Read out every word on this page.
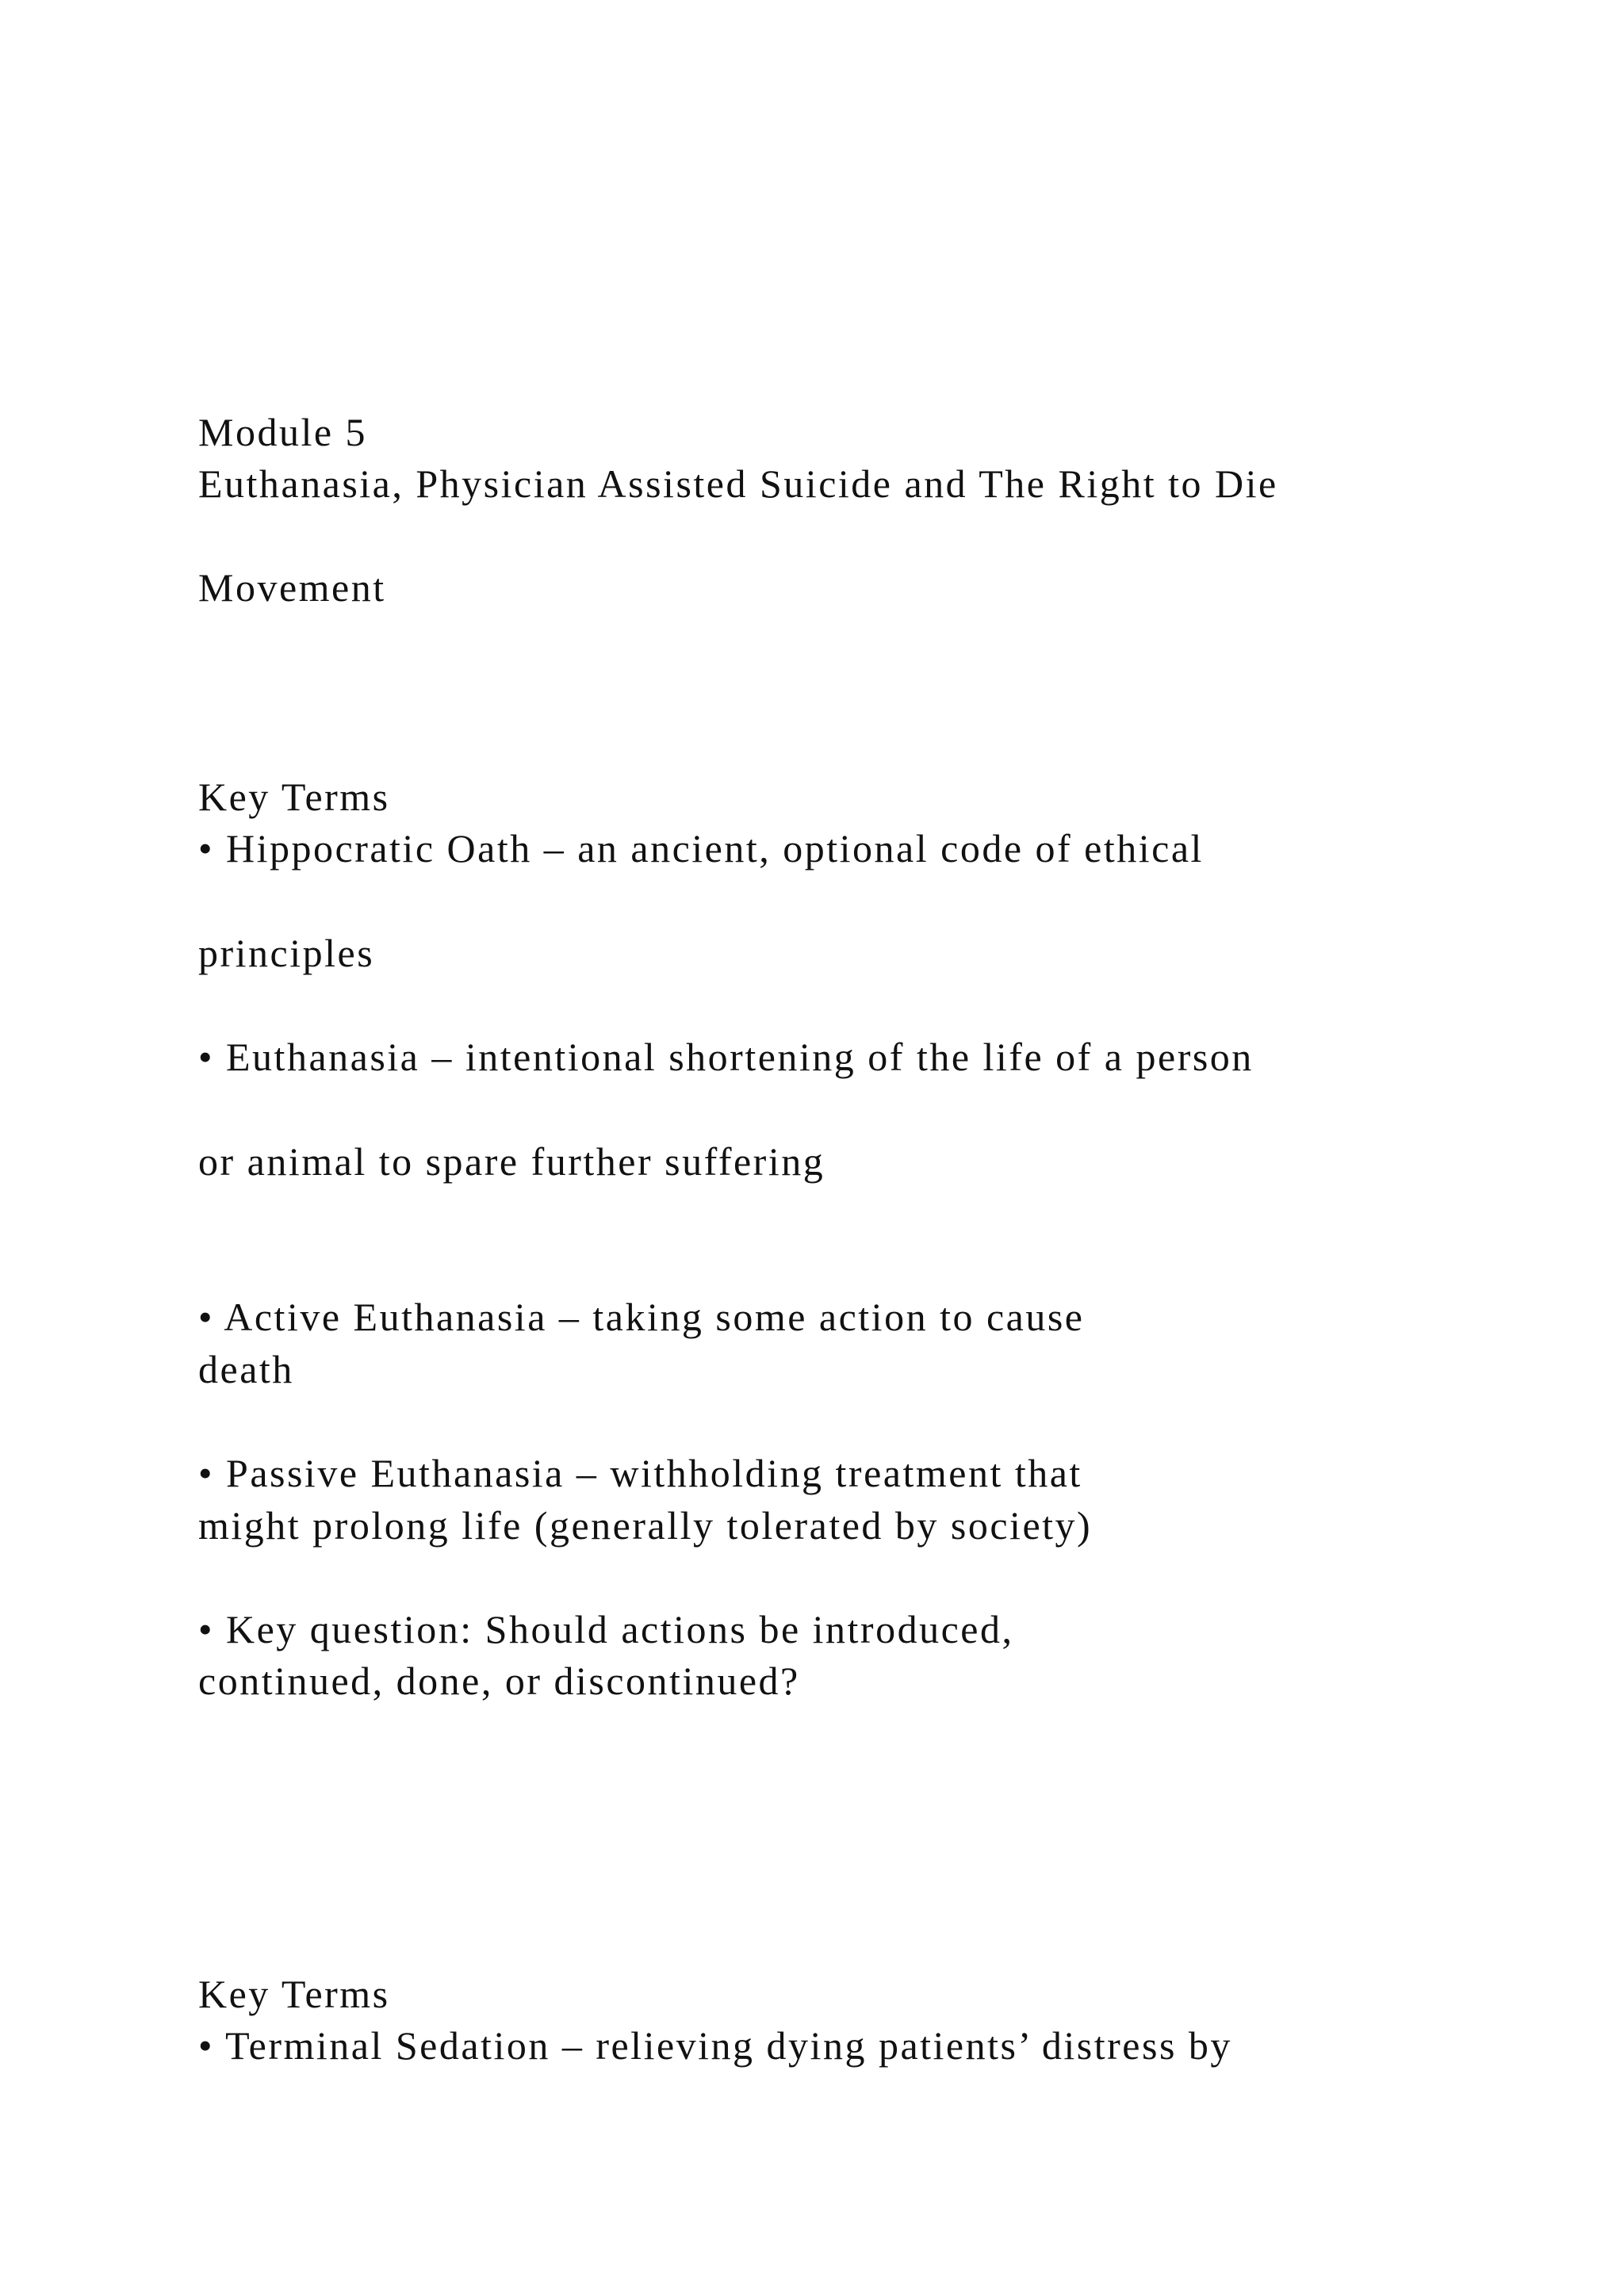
Module 5
Euthanasia, Physician Assisted Suicide and The Right to Die
Movement
Key Terms
• Hippocratic Oath – an ancient, optional code of ethical
principles
• Euthanasia – intentional shortening of the life of a person
or animal to spare further suffering
• Active Euthanasia – taking some action to cause
death
• Passive Euthanasia – withholding treatment that
might prolong life (generally tolerated by society)
• Key question: Should actions be introduced,
continued, done, or discontinued?
Key Terms
• Terminal Sedation – relieving dying patients’ distress by
